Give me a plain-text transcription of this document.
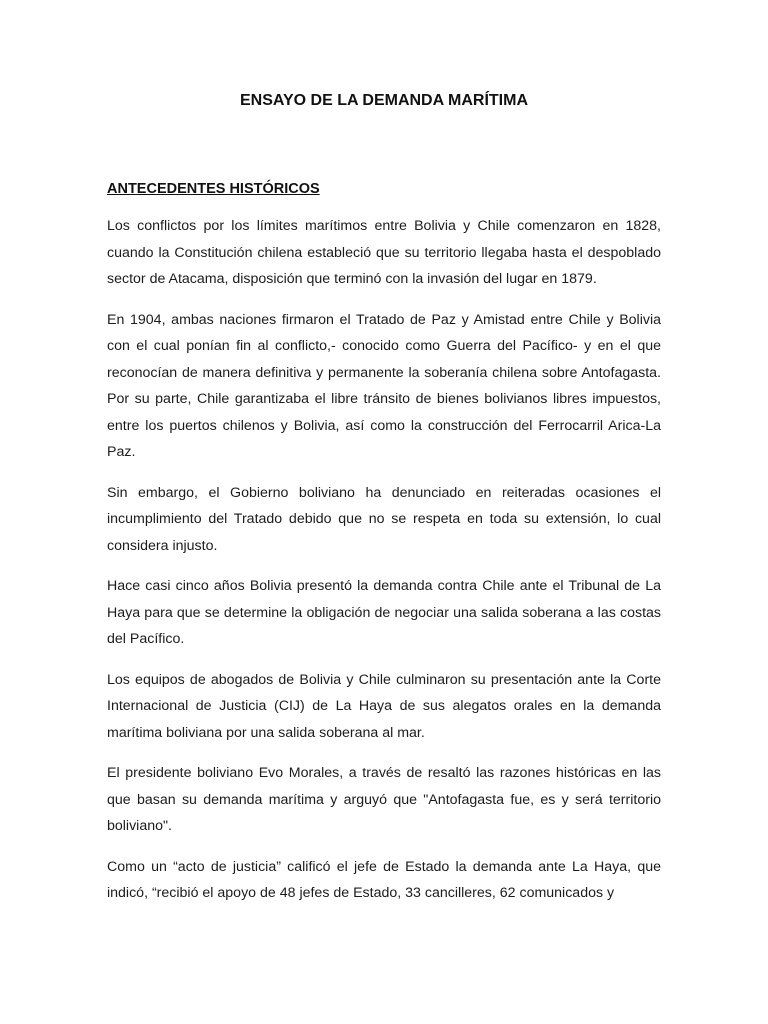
ENSAYO DE LA DEMANDA MARÍTIMA
ANTECEDENTES HISTÓRICOS

Los conflictos por los límites marítimos entre Bolivia y Chile comenzaron en 1828, cuando la Constitución chilena estableció que su territorio llegaba hasta el despoblado sector de Atacama, disposición que terminó con la invasión del lugar en 1879.

En 1904, ambas naciones firmaron el Tratado de Paz y Amistad entre Chile y Bolivia con el cual ponían fin al conflicto,- conocido como Guerra del Pacífico- y en el que reconocían de manera definitiva y permanente la soberanía chilena sobre Antofagasta. Por su parte, Chile garantizaba el libre tránsito de bienes bolivianos libres impuestos, entre los puertos chilenos y Bolivia, así como la construcción del Ferrocarril Arica-La Paz.

Sin embargo, el Gobierno boliviano ha denunciado en reiteradas ocasiones el incumplimiento del Tratado debido que no se respeta en toda su extensión, lo cual considera injusto.

Hace casi cinco años Bolivia presentó la demanda contra Chile ante el Tribunal de La Haya para que se determine la obligación de negociar una salida soberana a las costas del Pacífico.

Los equipos de abogados de Bolivia y Chile culminaron su presentación ante la Corte Internacional de Justicia (CIJ) de La Haya de sus alegatos orales en la demanda marítima boliviana por una salida soberana al mar.

El presidente boliviano Evo Morales, a través de resaltó las razones históricas en las que basan su demanda marítima y arguyó que "Antofagasta fue, es y será territorio boliviano".

Como un “acto de justicia” calificó el jefe de Estado la demanda ante La Haya, que indicó, “recibió el apoyo de 48 jefes de Estado, 33 cancilleres, 62 comunicados y
